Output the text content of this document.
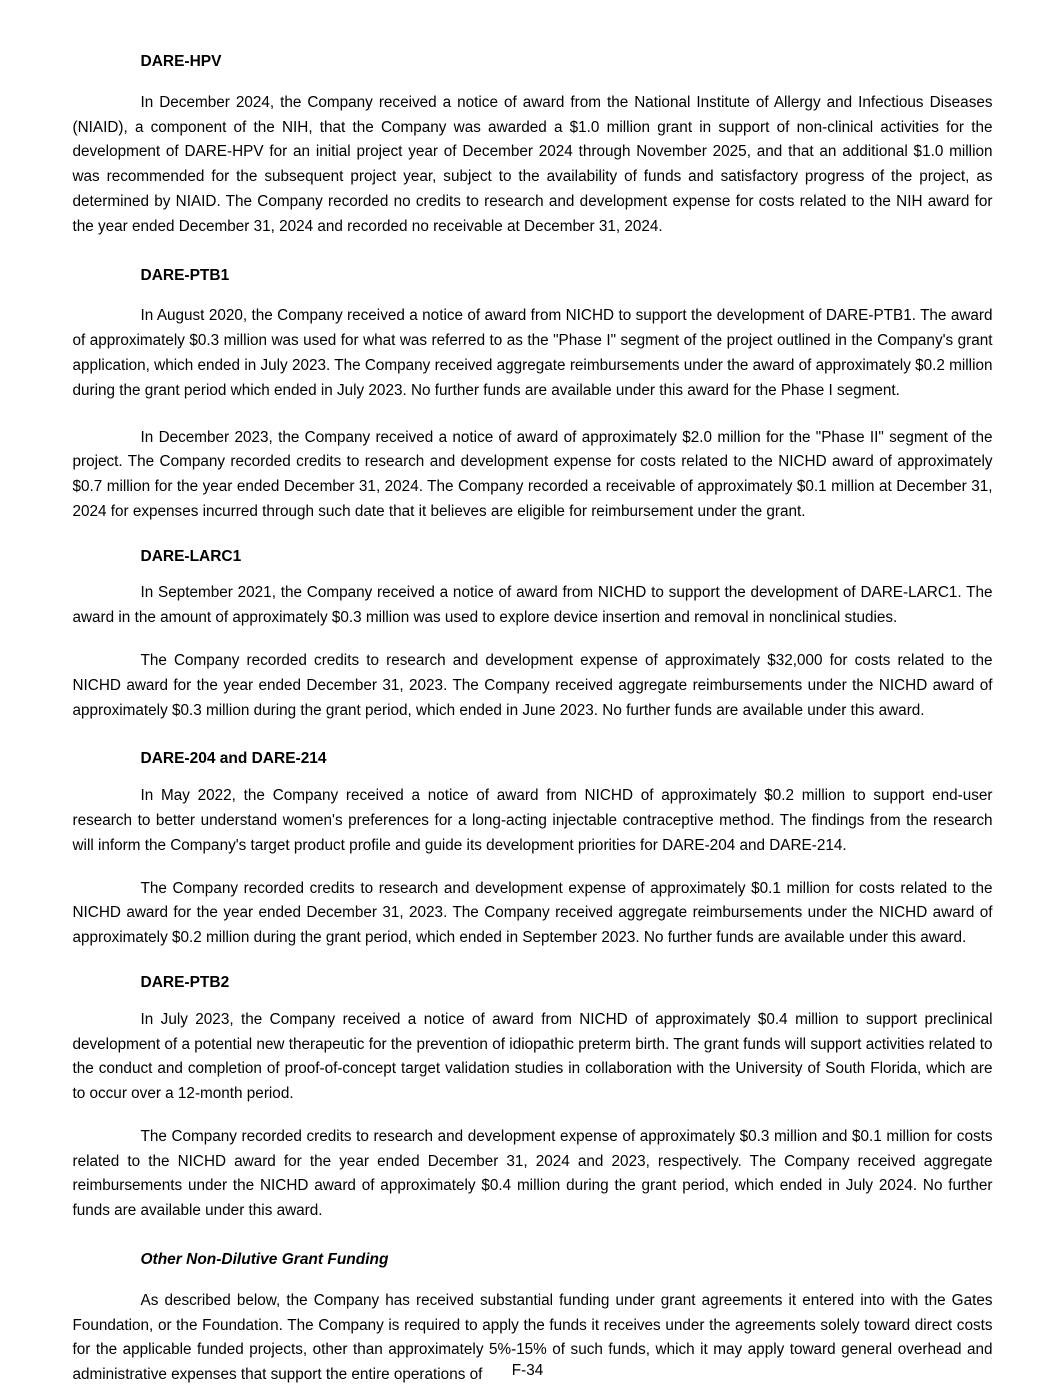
DARE-HPV

In December 2024, the Company received a notice of award from the National Institute of Allergy and Infectious Diseases (NIAID), a component of the NIH, that the Company was awarded a $1.0 million grant in support of non-clinical activities for the development of DARE-HPV for an initial project year of December 2024 through November 2025, and that an additional $1.0 million was recommended for the subsequent project year, subject to the availability of funds and satisfactory progress of the project, as determined by NIAID. The Company recorded no credits to research and development expense for costs related to the NIH award for the year ended December 31, 2024 and recorded no receivable at December 31, 2024.

DARE-PTB1

In August 2020, the Company received a notice of award from NICHD to support the development of DARE-PTB1. The award of approximately $0.3 million was used for what was referred to as the "Phase I" segment of the project outlined in the Company's grant application, which ended in July 2023. The Company received aggregate reimbursements under the award of approximately $0.2 million during the grant period which ended in July 2023. No further funds are available under this award for the Phase I segment.

In December 2023, the Company received a notice of award of approximately $2.0 million for the "Phase II" segment of the project. The Company recorded credits to research and development expense for costs related to the NICHD award of approximately $0.7 million for the year ended December 31, 2024. The Company recorded a receivable of approximately $0.1 million at December 31, 2024 for expenses incurred through such date that it believes are eligible for reimbursement under the grant.

DARE-LARC1

In September 2021, the Company received a notice of award from NICHD to support the development of DARE-LARC1. The award in the amount of approximately $0.3 million was used to explore device insertion and removal in nonclinical studies.

The Company recorded credits to research and development expense of approximately $32,000 for costs related to the NICHD award for the year ended December 31, 2023. The Company received aggregate reimbursements under the NICHD award of approximately $0.3 million during the grant period, which ended in June 2023. No further funds are available under this award.

DARE-204 and DARE-214

In May 2022, the Company received a notice of award from NICHD of approximately $0.2 million to support end-user research to better understand women's preferences for a long-acting injectable contraceptive method. The findings from the research will inform the Company's target product profile and guide its development priorities for DARE-204 and DARE-214.

The Company recorded credits to research and development expense of approximately $0.1 million for costs related to the NICHD award for the year ended December 31, 2023. The Company received aggregate reimbursements under the NICHD award of approximately $0.2 million during the grant period, which ended in September 2023. No further funds are available under this award.

DARE-PTB2

In July 2023, the Company received a notice of award from NICHD of approximately $0.4 million to support preclinical development of a potential new therapeutic for the prevention of idiopathic preterm birth. The grant funds will support activities related to the conduct and completion of proof-of-concept target validation studies in collaboration with the University of South Florida, which are to occur over a 12-month period.

The Company recorded credits to research and development expense of approximately $0.3 million and $0.1 million for costs related to the NICHD award for the year ended December 31, 2024 and 2023, respectively. The Company received aggregate reimbursements under the NICHD award of approximately $0.4 million during the grant period, which ended in July 2024. No further funds are available under this award.

Other Non-Dilutive Grant Funding

As described below, the Company has received substantial funding under grant agreements it entered into with the Gates Foundation, or the Foundation. The Company is required to apply the funds it receives under the agreements solely toward direct costs for the applicable funded projects, other than approximately 5%-15% of such funds, which it may apply toward general overhead and administrative expenses that support the entire operations of	F-34
